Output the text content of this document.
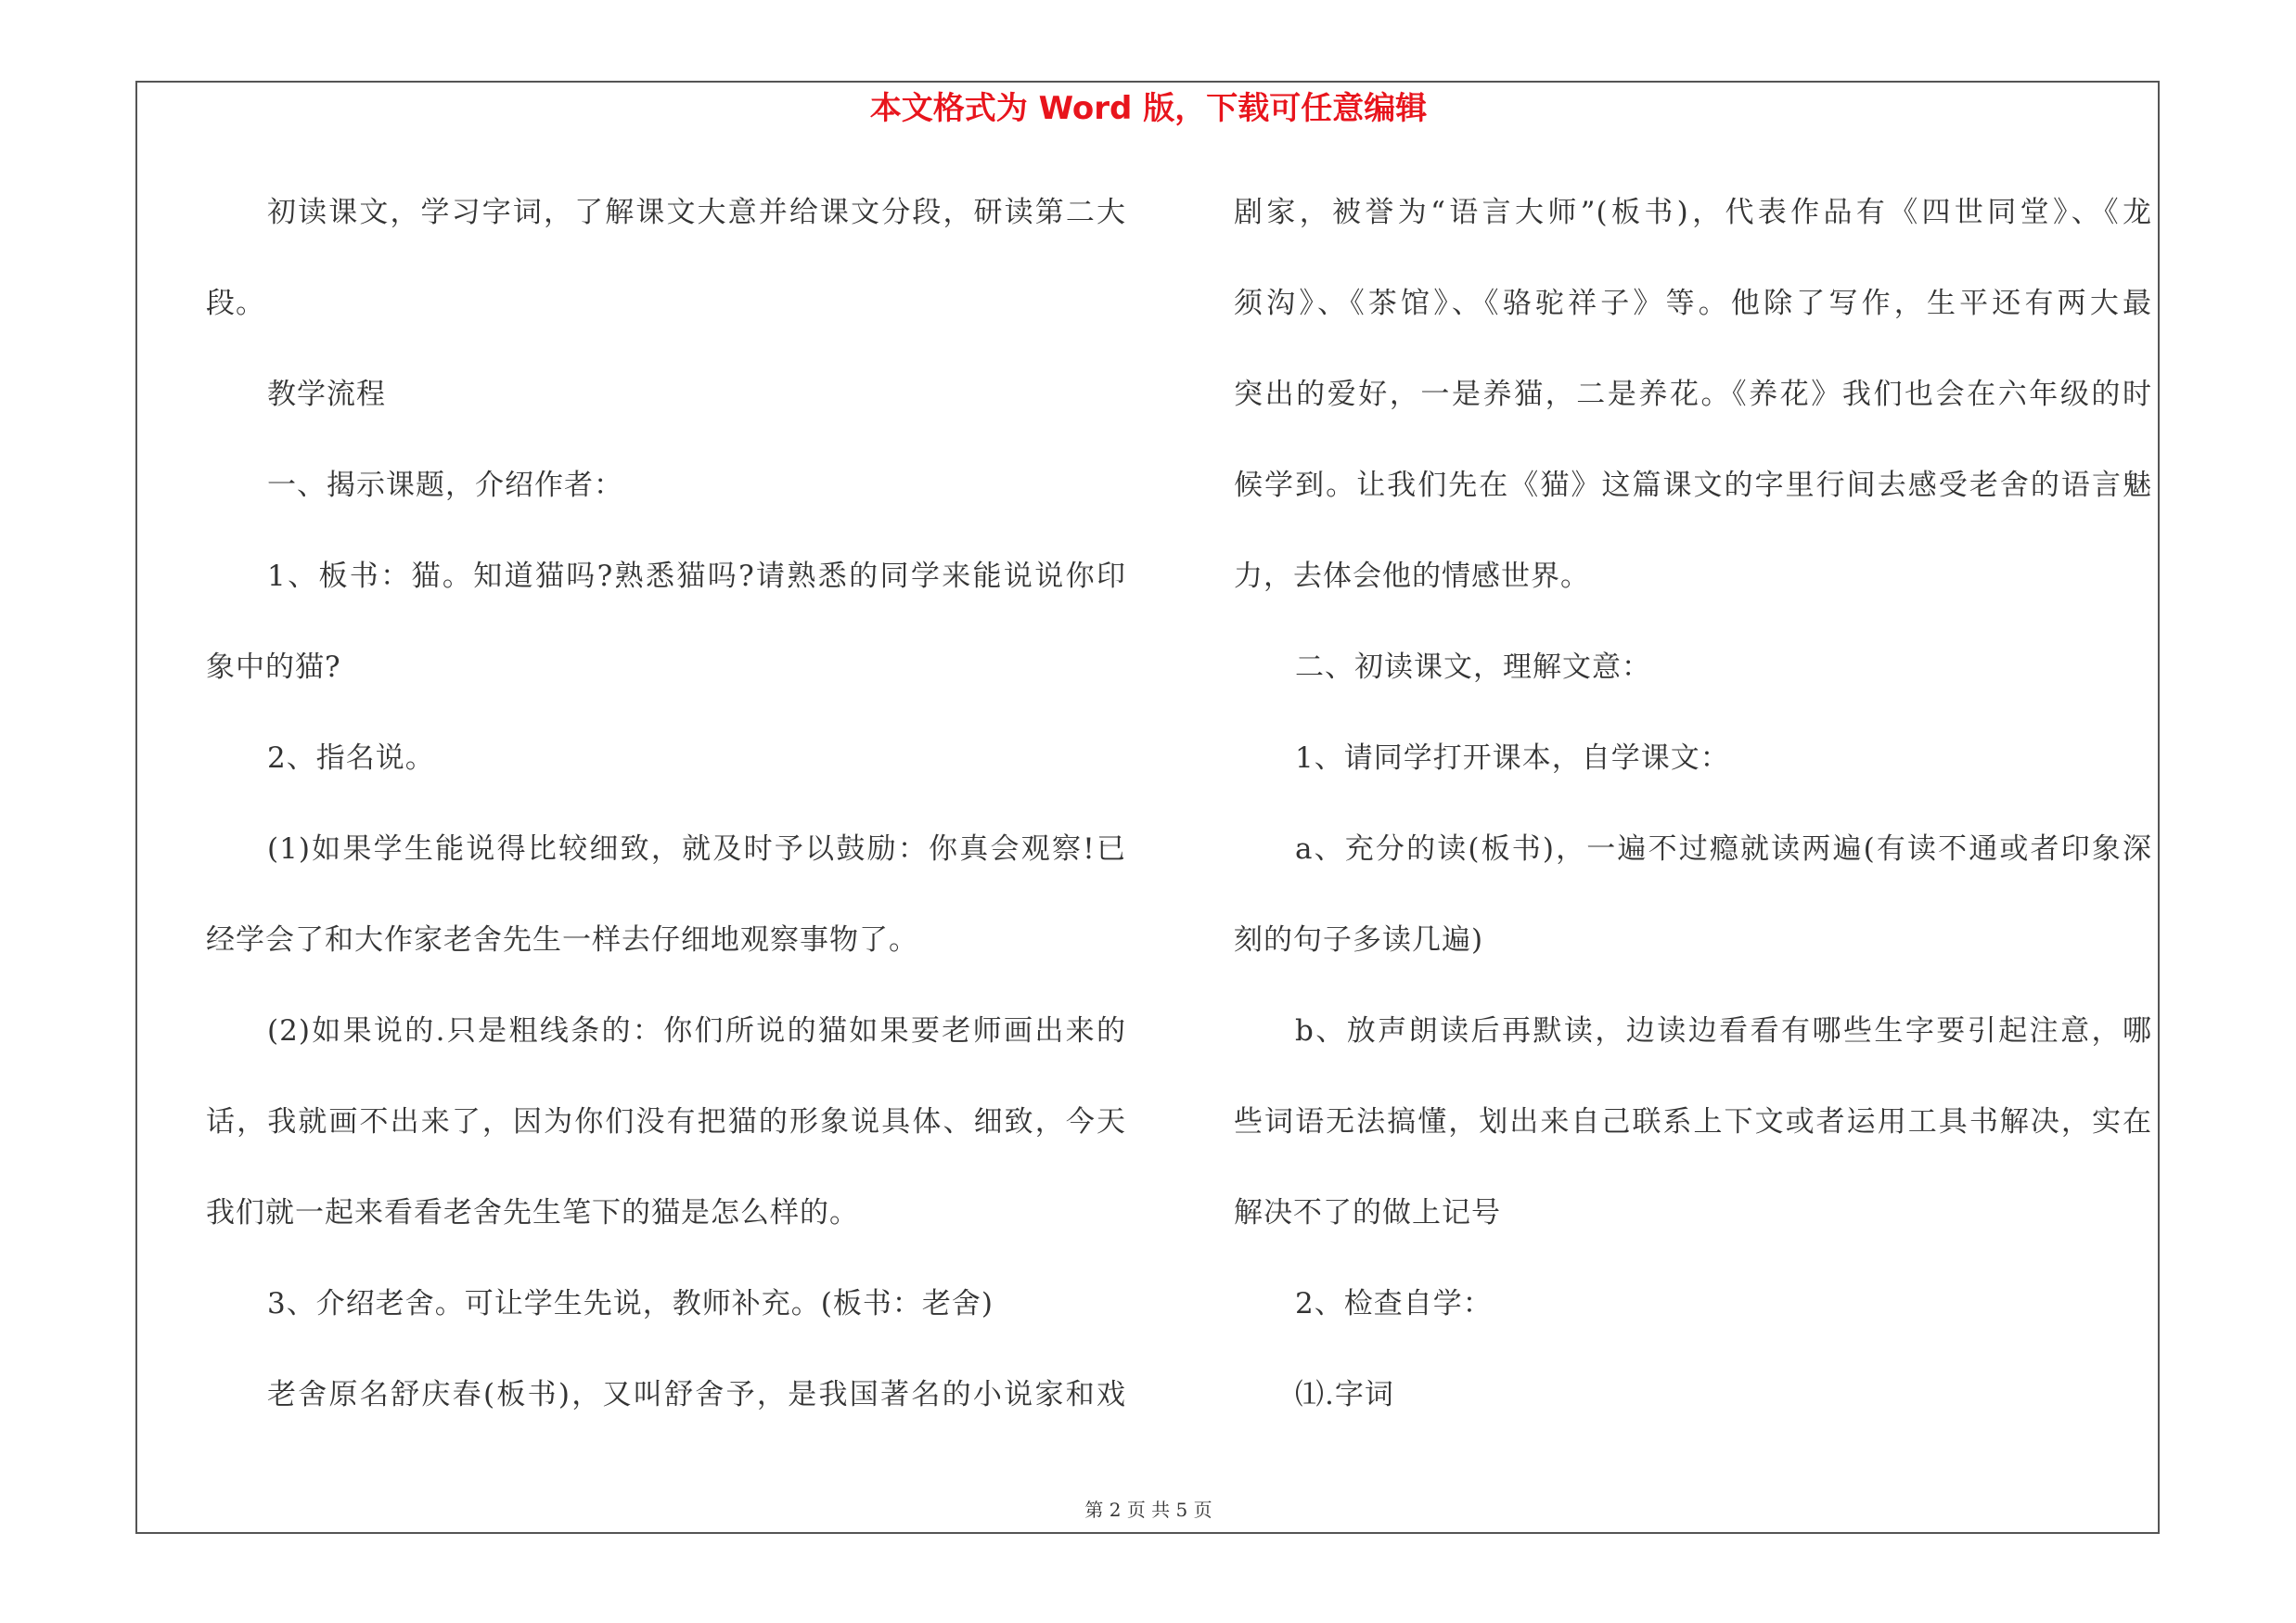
本文格式为 Word 版，下载可任意编辑
初读课文，学习字词，了解课文大意并给课文分段，研读第二大
段。
教学流程
一、揭示课题，介绍作者：
1、板书：猫。知道猫吗?熟悉猫吗?请熟悉的同学来能说说你印
象中的猫?
2、指名说。
(1)如果学生能说得比较细致，就及时予以鼓励：你真会观察!已
经学会了和大作家老舍先生一样去仔细地观察事物了。
(2)如果说的.只是粗线条的：你们所说的猫如果要老师画出来的
话，我就画不出来了，因为你们没有把猫的形象说具体、细致，今天
我们就一起来看看老舍先生笔下的猫是怎么样的。
3、介绍老舍。可让学生先说，教师补充。(板书：老舍)
老舍原名舒庆春(板书)，又叫舒舍予，是我国著名的小说家和戏
剧家，被誉为“语言大师”(板书)，代表作品有《四世同堂》、《龙
须沟》、《茶馆》、《骆驼祥子》等。他除了写作，生平还有两大最
突出的爱好，一是养猫，二是养花。《养花》我们也会在六年级的时
候学到。让我们先在《猫》这篇课文的字里行间去感受老舍的语言魅
力，去体会他的情感世界。
二、初读课文，理解文意：
1、请同学打开课本，自学课文：
a、充分的读(板书)，一遍不过瘾就读两遍(有读不通或者印象深
刻的句子多读几遍)
b、放声朗读后再默读，边读边看看有哪些生字要引起注意，哪
些词语无法搞懂，划出来自己联系上下文或者运用工具书解决，实在
解决不了的做上记号
2、检查自学：
⑴.字词
第 2 页 共 5 页
